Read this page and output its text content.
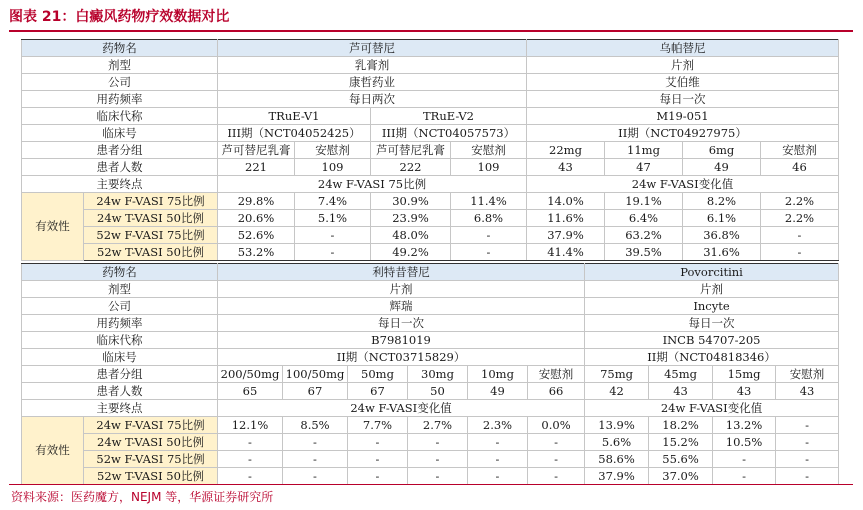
图表 21：白癜风药物疗效数据对比
药物名		芦可替尼				乌帕替尼			
剂型		乳膏剂				片剂			
公司		康哲药业				艾伯维			
用药频率		每日两次				每日一次			
临床代称		TRuE-V1		TRuE-V2		M19-051			
临床号		III期（NCT04052425）		III期（NCT04057573）		II期（NCT04927975）			
患者分组		芦可替尼乳膏	安慰剂	芦可替尼乳膏	安慰剂	22mg	11mg	6mg	安慰剂
患者人数		221	109	222	109	43	47	49	46
主要终点		24w F-VASI 75比例				24w F-VASI变化值			
有效性	24w F-VASI 75比例	29.8%	7.4%	30.9%	11.4%	14.0%	19.1%	8.2%	2.2%
	24w T-VASI 50比例	20.6%	5.1%	23.9%	6.8%	11.6%	6.4%	6.1%	2.2%
	52w F-VASI 75比例	52.6%	-	48.0%	-	37.9%	63.2%	36.8%	-
	52w T-VASI 50比例	53.2%	-	49.2%	-	41.4%	39.5%	31.6%	-
药物名		利特昔替尼						Povorcitini			
剂型		片剂						片剂			
公司		辉瑞						Incyte			
用药频率		每日一次						每日一次			
临床代称		B7981019						INCB 54707-205			
临床号		II期（NCT03715829）						II期（NCT04818346）			
患者分组		200/50mg	100/50mg	50mg	30mg	10mg	安慰剂	75mg	45mg	15mg	安慰剂
患者人数		65	67	67	50	49	66	42	43	43	43
主要终点		24w F-VASI变化值						24w F-VASI变化值			
有效性	24w F-VASI 75比例	12.1%	8.5%	7.7%	2.7%	2.3%	0.0%	13.9%	18.2%	13.2%	-
	24w T-VASI 50比例	-	-	-	-	-	-	5.6%	15.2%	10.5%	-
	52w F-VASI 75比例	-	-	-	-	-	-	58.6%	55.6%	-	-
	52w T-VASI 50比例	-	-	-	-	-	-	37.9%	37.0%	-	-
资料来源：医药魔方，NEJM 等，华源证券研究所
